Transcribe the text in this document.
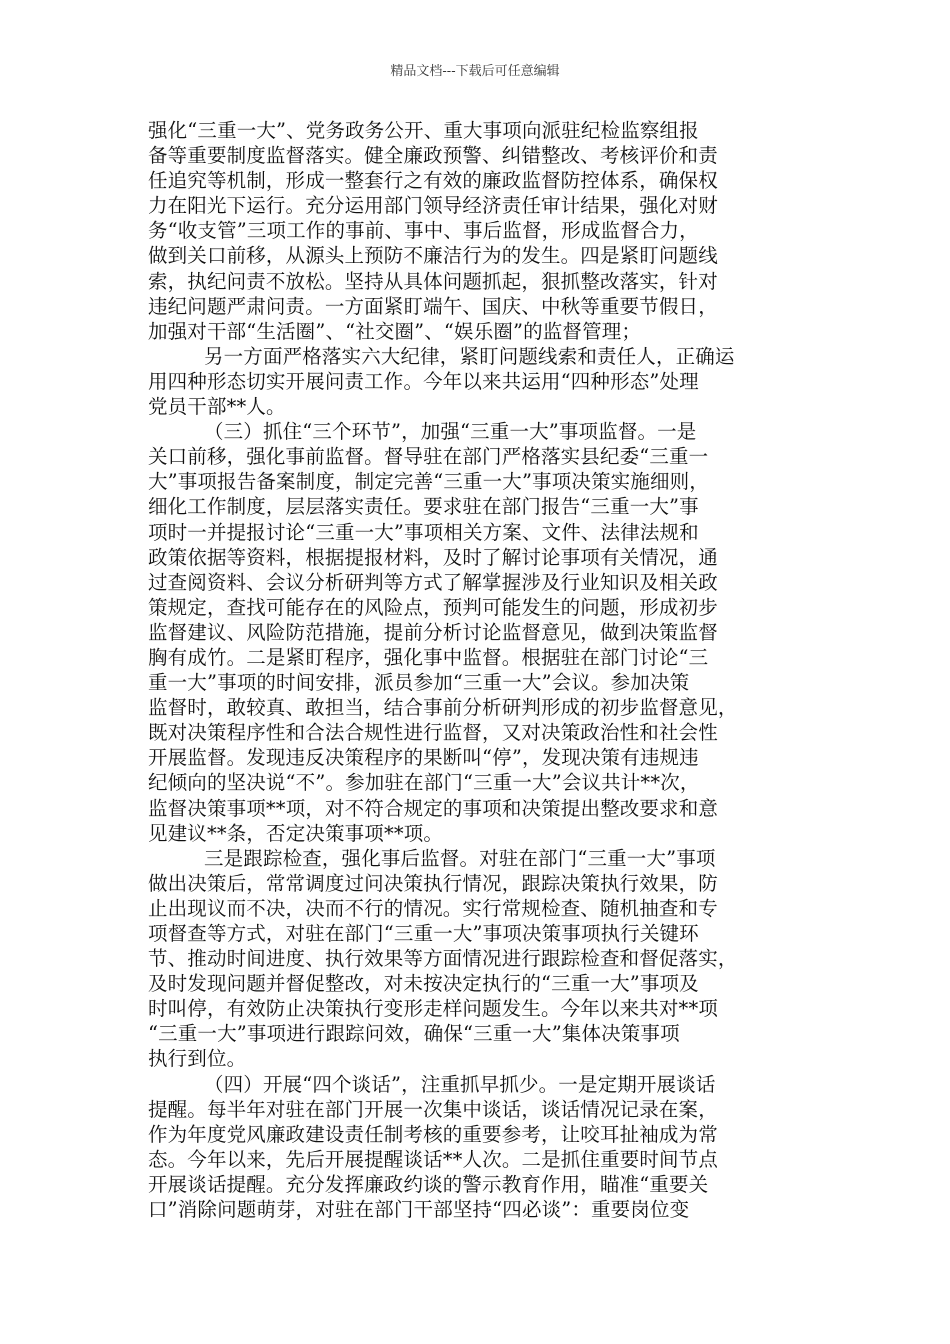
精品文档---下载后可任意编辑
强化“三重一大”、党务政务公开、重大事项向派驻纪检监察组报
备等重要制度监督落实。健全廉政预警、纠错整改、考核评价和责
任追究等机制，形成一整套行之有效的廉政监督防控体系，确保权
力在阳光下运行。充分运用部门领导经济责任审计结果，强化对财
务“收支管”三项工作的事前、事中、事后监督，形成监督合力，
做到关口前移，从源头上预防不廉洁行为的发生。四是紧盯问题线
索，执纪问责不放松。坚持从具体问题抓起，狠抓整改落实，针对
违纪问题严肃问责。一方面紧盯端午、国庆、中秋等重要节假日，
加强对干部“生活圈”、“社交圈”、“娱乐圈”的监督管理；
另一方面严格落实六大纪律，紧盯问题线索和责任人，正确运
用四种形态切实开展问责工作。今年以来共运用“四种形态”处理
党员干部**人。
（三）抓住“三个环节”，加强“三重一大”事项监督。一是
关口前移，强化事前监督。督导驻在部门严格落实县纪委“三重一
大”事项报告备案制度，制定完善“三重一大”事项决策实施细则，
细化工作制度，层层落实责任。要求驻在部门报告“三重一大”事
项时一并提报讨论“三重一大”事项相关方案、文件、法律法规和
政策依据等资料，根据提报材料，及时了解讨论事项有关情况，通
过查阅资料、会议分析研判等方式了解掌握涉及行业知识及相关政
策规定，查找可能存在的风险点，预判可能发生的问题，形成初步
监督建议、风险防范措施，提前分析讨论监督意见，做到决策监督
胸有成竹。二是紧盯程序，强化事中监督。根据驻在部门讨论“三
重一大”事项的时间安排，派员参加“三重一大”会议。参加决策
监督时，敢较真、敢担当，结合事前分析研判形成的初步监督意见，
既对决策程序性和合法合规性进行监督，又对决策政治性和社会性
开展监督。发现违反决策程序的果断叫“停”，发现决策有违规违
纪倾向的坚决说“不”。参加驻在部门“三重一大”会议共计**次，
监督决策事项**项，对不符合规定的事项和决策提出整改要求和意
见建议**条，否定决策事项**项。
三是跟踪检查，强化事后监督。对驻在部门“三重一大”事项
做出决策后，常常调度过问决策执行情况，跟踪决策执行效果，防
止出现议而不决，决而不行的情况。实行常规检查、随机抽查和专
项督查等方式，对驻在部门“三重一大”事项决策事项执行关键环
节、推动时间进度、执行效果等方面情况进行跟踪检查和督促落实，
及时发现问题并督促整改，对未按决定执行的“三重一大”事项及
时叫停，有效防止决策执行变形走样问题发生。今年以来共对**项
“三重一大”事项进行跟踪问效，确保“三重一大”集体决策事项
执行到位。
（四）开展“四个谈话”，注重抓早抓少。一是定期开展谈话
提醒。每半年对驻在部门开展一次集中谈话，谈话情况记录在案，
作为年度党风廉政建设责任制考核的重要参考，让咬耳扯袖成为常
态。今年以来，先后开展提醒谈话**人次。二是抓住重要时间节点
开展谈话提醒。充分发挥廉政约谈的警示教育作用，瞄准“重要关
口”消除问题萌芽，对驻在部门干部坚持“四必谈”：重要岗位变
